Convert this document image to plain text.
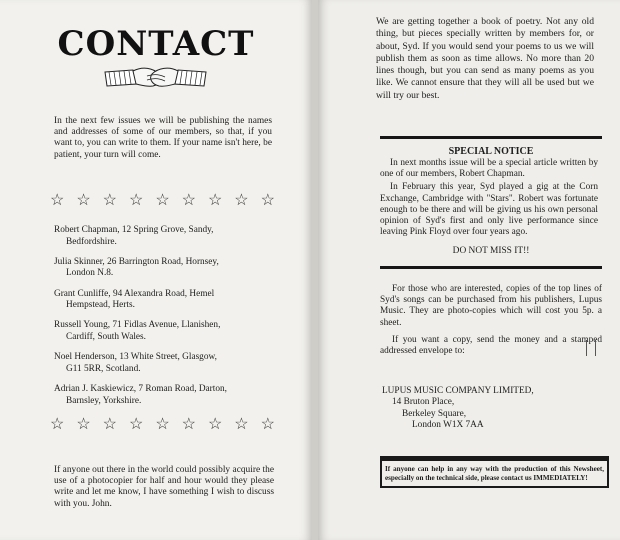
CONTACT
In the next few issues we will be publishing the names and addresses of some of our members, so that, if you want to, you can write to them. If your name isn't here, be patient, your turn will come.
☆ ☆ ☆ ☆ ☆ ☆ ☆ ☆ ☆
Robert Chapman, 12 Spring Grove, Sandy,
Bedfordshire.
Julia Skinner, 26 Barrington Road, Hornsey,
London N.8.
Grant Cunliffe, 94 Alexandra Road, Hemel
Hempstead, Herts.
Russell Young, 71 Fidlas Avenue, Llanishen,
Cardiff, South Wales.
Noel Henderson, 13 White Street, Glasgow,
G11 5RR, Scotland.
Adrian J. Kaskiewicz, 7 Roman Road, Darton,
Barnsley, Yorkshire.
☆ ☆ ☆ ☆ ☆ ☆ ☆ ☆ ☆
If anyone out there in the world could possibly acquire the use of a photocopier for half and hour would they please write and let me know, I have something I wish to discuss with you. John.
We are getting together a book of poetry. Not any old thing, but pieces specially written by members for, or about, Syd. If you would send your poems to us we will publish them as soon as time allows. No more than 20 lines though, but you can send as many poems as you like. We cannot ensure that they will all be used but we will try our best.
SPECIAL NOTICE

In next months issue will be a special article written by one of our members, Robert Chapman.

In February this year, Syd played a gig at the Corn Exchange, Cambridge with "Stars". Robert was fortunate enough to be there and will be giving us his own personal opinion of Syd's first and only live performance since leaving Pink Floyd over four years ago.

DO NOT MISS IT!!

For those who are interested, copies of the top lines of Syd's songs can be purchased from his publishers, Lupus Music. They are photo-copies which will cost you 5p. a sheet.

If you want a copy, send the money and a stamped addressed envelope to:

LUPUS MUSIC COMPANY LIMITED,
14 Bruton Place,
Berkeley Square,
London W1X 7AA
If anyone can help in any way with the production of this Newsheet, especially on the technical side, please contact us IMMEDIATELY!
